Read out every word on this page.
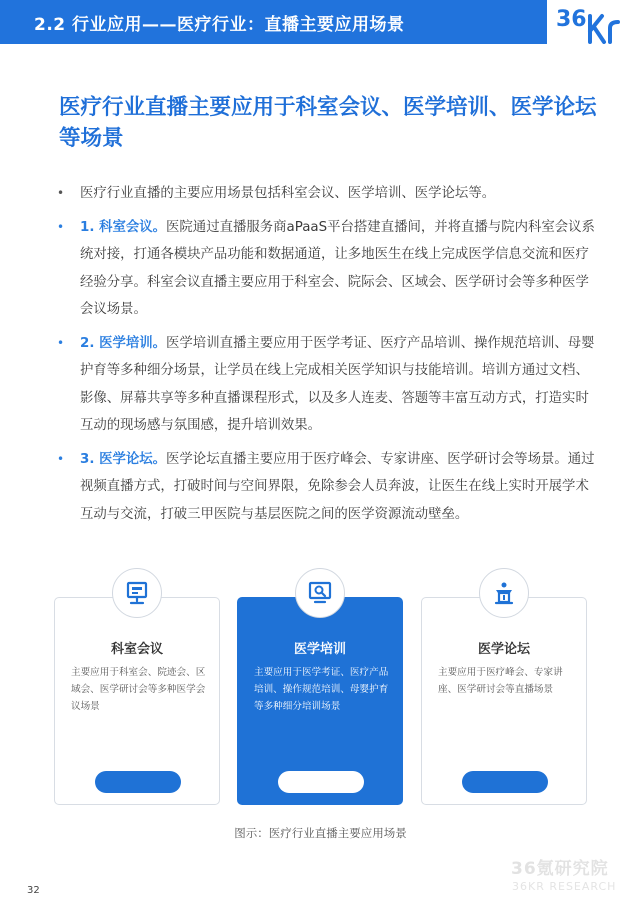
2.2 行业应用——医疗行业：直播主要应用场景	36
医疗行业直播主要应用于科室会议、医学培训、医学论坛等场景
• 医疗行业直播的主要应用场景包括科室会议、医学培训、医学论坛等。
• 1. 科室会议。医院通过直播服务商aPaaS平台搭建直播间，并将直播与院内科室会议系统对接，打通各模块产品功能和数据通道，让多地医生在线上完成医学信息交流和医疗经验分享。科室会议直播主要应用于科室会、院际会、区域会、医学研讨会等多种医学会议场景。
• 2. 医学培训。医学培训直播主要应用于医学考证、医疗产品培训、操作规范培训、母婴护育等多种细分场景，让学员在线上完成相关医学知识与技能培训。培训方通过文档、影像、屏幕共享等多种直播课程形式，以及多人连麦、答题等丰富互动方式，打造实时互动的现场感与氛围感，提升培训效果。
• 3. 医学论坛。医学论坛直播主要应用于医疗峰会、专家讲座、医学研讨会等场景。通过视频直播方式，打破时间与空间界限，免除参会人员奔波，让医生在线上实时开展学术互动与交流，打破三甲医院与基层医院之间的医学资源流动壁垒。
科室会议
主要应用于科室会、院迹会、区域会、医学研讨会等多种医学会议场景
医学培训
主要应用于医学考证、医疗产品培训、操作规范培训、母婴护育等多种细分培训场景
医学论坛
主要应用于医疗峰会、专家讲座、医学研讨会等直播场景
图示：医疗行业直播主要应用场景
32
36氪研究院
36KR RESEARCH
